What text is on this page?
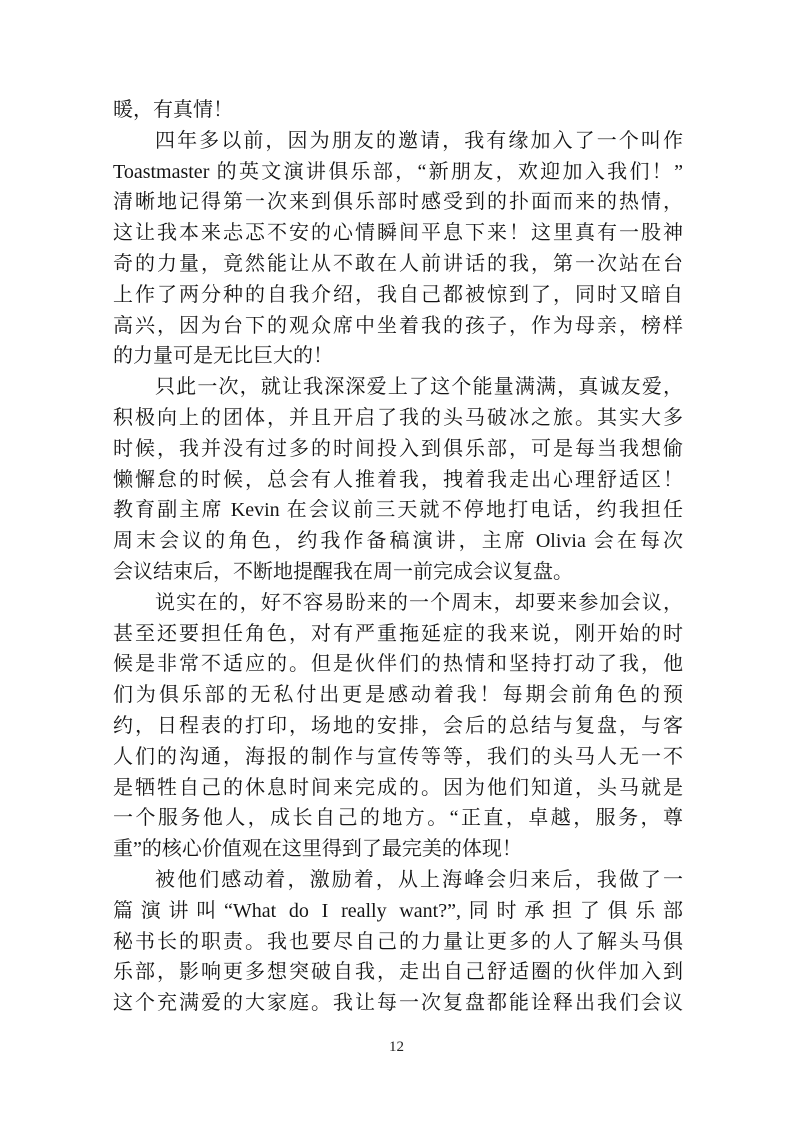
暖，有真情！
四年多以前，因为朋友的邀请，我有缘加入了一个叫作
Toastmaster 的英文演讲俱乐部，“新朋友，欢迎加入我们！”
清晰地记得第一次来到俱乐部时感受到的扑面而来的热情，
这让我本来忐忑不安的心情瞬间平息下来！这里真有一股神
奇的力量，竟然能让从不敢在人前讲话的我，第一次站在台
上作了两分种的自我介绍，我自己都被惊到了，同时又暗自
高兴，因为台下的观众席中坐着我的孩子，作为母亲，榜样
的力量可是无比巨大的！
只此一次，就让我深深爱上了这个能量满满，真诚友爱，
积极向上的团体，并且开启了我的头马破冰之旅。其实大多
时候，我并没有过多的时间投入到俱乐部，可是每当我想偷
懒懈怠的时候，总会有人推着我，拽着我走出心理舒适区！
教育副主席 Kevin 在会议前三天就不停地打电话，约我担任
周末会议的角色，约我作备稿演讲，主席 Olivia 会在每次
会议结束后，不断地提醒我在周一前完成会议复盘。
说实在的，好不容易盼来的一个周末，却要来参加会议，
甚至还要担任角色，对有严重拖延症的我来说，刚开始的时
候是非常不适应的。但是伙伴们的热情和坚持打动了我，他
们为俱乐部的无私付出更是感动着我！每期会前角色的预
约，日程表的打印，场地的安排，会后的总结与复盘，与客
人们的沟通，海报的制作与宣传等等，我们的头马人无一不
是牺牲自己的休息时间来完成的。因为他们知道，头马就是
一个服务他人，成长自己的地方。“正直，卓越，服务，尊
重”的核心价值观在这里得到了最完美的体现！
被他们感动着，激励着，从上海峰会归来后，我做了一
篇演讲叫“What do I really want?”,同时承担了俱乐部
秘书长的职责。我也要尽自己的力量让更多的人了解头马俱
乐部，影响更多想突破自我，走出自己舒适圈的伙伴加入到
这个充满爱的大家庭。我让每一次复盘都能诠释出我们会议
12
